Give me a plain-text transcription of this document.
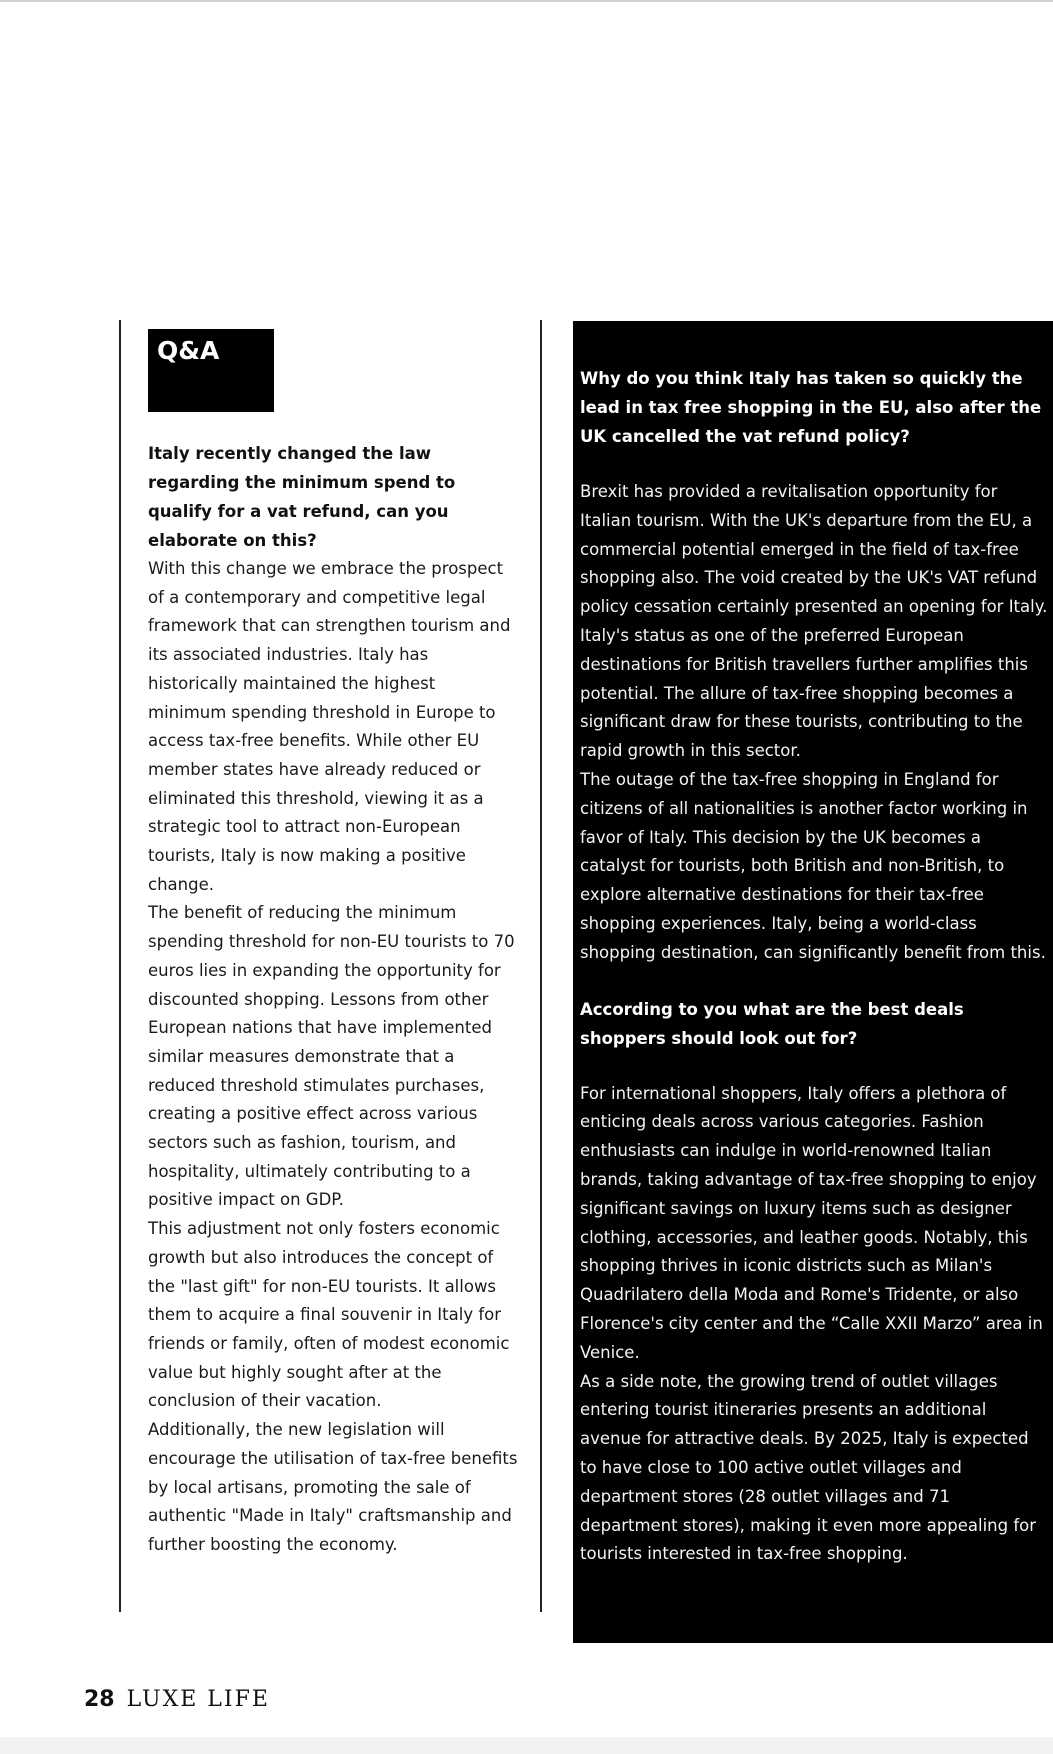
Q&A

Italy recently changed the law regarding the minimum spend to qualify for a vat refund, can you elaborate on this?

With this change we embrace the prospect of a contemporary and competitive legal framework that can strengthen tourism and its associated industries. Italy has historically maintained the highest minimum spending threshold in Europe to access tax-free benefits. While other EU member states have already reduced or eliminated this threshold, viewing it as a strategic tool to attract non-European tourists, Italy is now making a positive change.

The benefit of reducing the minimum spending threshold for non-EU tourists to 70 euros lies in expanding the opportunity for discounted shopping. Lessons from other European nations that have implemented similar measures demonstrate that a reduced threshold stimulates purchases, creating a positive effect across various sectors such as fashion, tourism, and hospitality, ultimately contributing to a positive impact on GDP.

This adjustment not only fosters economic growth but also introduces the concept of the "last gift" for non-EU tourists. It allows them to acquire a final souvenir in Italy for friends or family, often of modest economic value but highly sought after at the conclusion of their vacation.

Additionally, the new legislation will encourage the utilisation of tax-free benefits by local artisans, promoting the sale of authentic "Made in Italy" craftsmanship and further boosting the economy.

Why do you think Italy has taken so quickly the lead in tax free shopping in the EU, also after the UK cancelled the vat refund policy?

Brexit has provided a revitalisation opportunity for Italian tourism. With the UK's departure from the EU, a commercial potential emerged in the field of tax-free shopping also. The void created by the UK's VAT refund policy cessation certainly presented an opening for Italy.

Italy's status as one of the preferred European destinations for British travellers further amplifies this potential. The allure of tax-free shopping becomes a significant draw for these tourists, contributing to the rapid growth in this sector.

The outage of the tax-free shopping in England for citizens of all nationalities is another factor working in favor of Italy. This decision by the UK becomes a catalyst for tourists, both British and non-British, to explore alternative destinations for their tax-free shopping experiences. Italy, being a world-class shopping destination, can significantly benefit from this.

According to you what are the best deals shoppers should look out for?

For international shoppers, Italy offers a plethora of enticing deals across various categories. Fashion enthusiasts can indulge in world-renowned Italian brands, taking advantage of tax-free shopping to enjoy significant savings on luxury items such as designer clothing, accessories, and leather goods. Notably, this shopping thrives in iconic districts such as Milan's Quadrilatero della Moda and Rome's Tridente, or also Florence's city center and the “Calle XXII Marzo” area in Venice.

As a side note, the growing trend of outlet villages entering tourist itineraries presents an additional avenue for attractive deals. By 2025, Italy is expected to have close to 100 active outlet villages and department stores (28 outlet villages and 71 department stores), making it even more appealing for tourists interested in tax-free shopping.

28 LUXE LIFE
